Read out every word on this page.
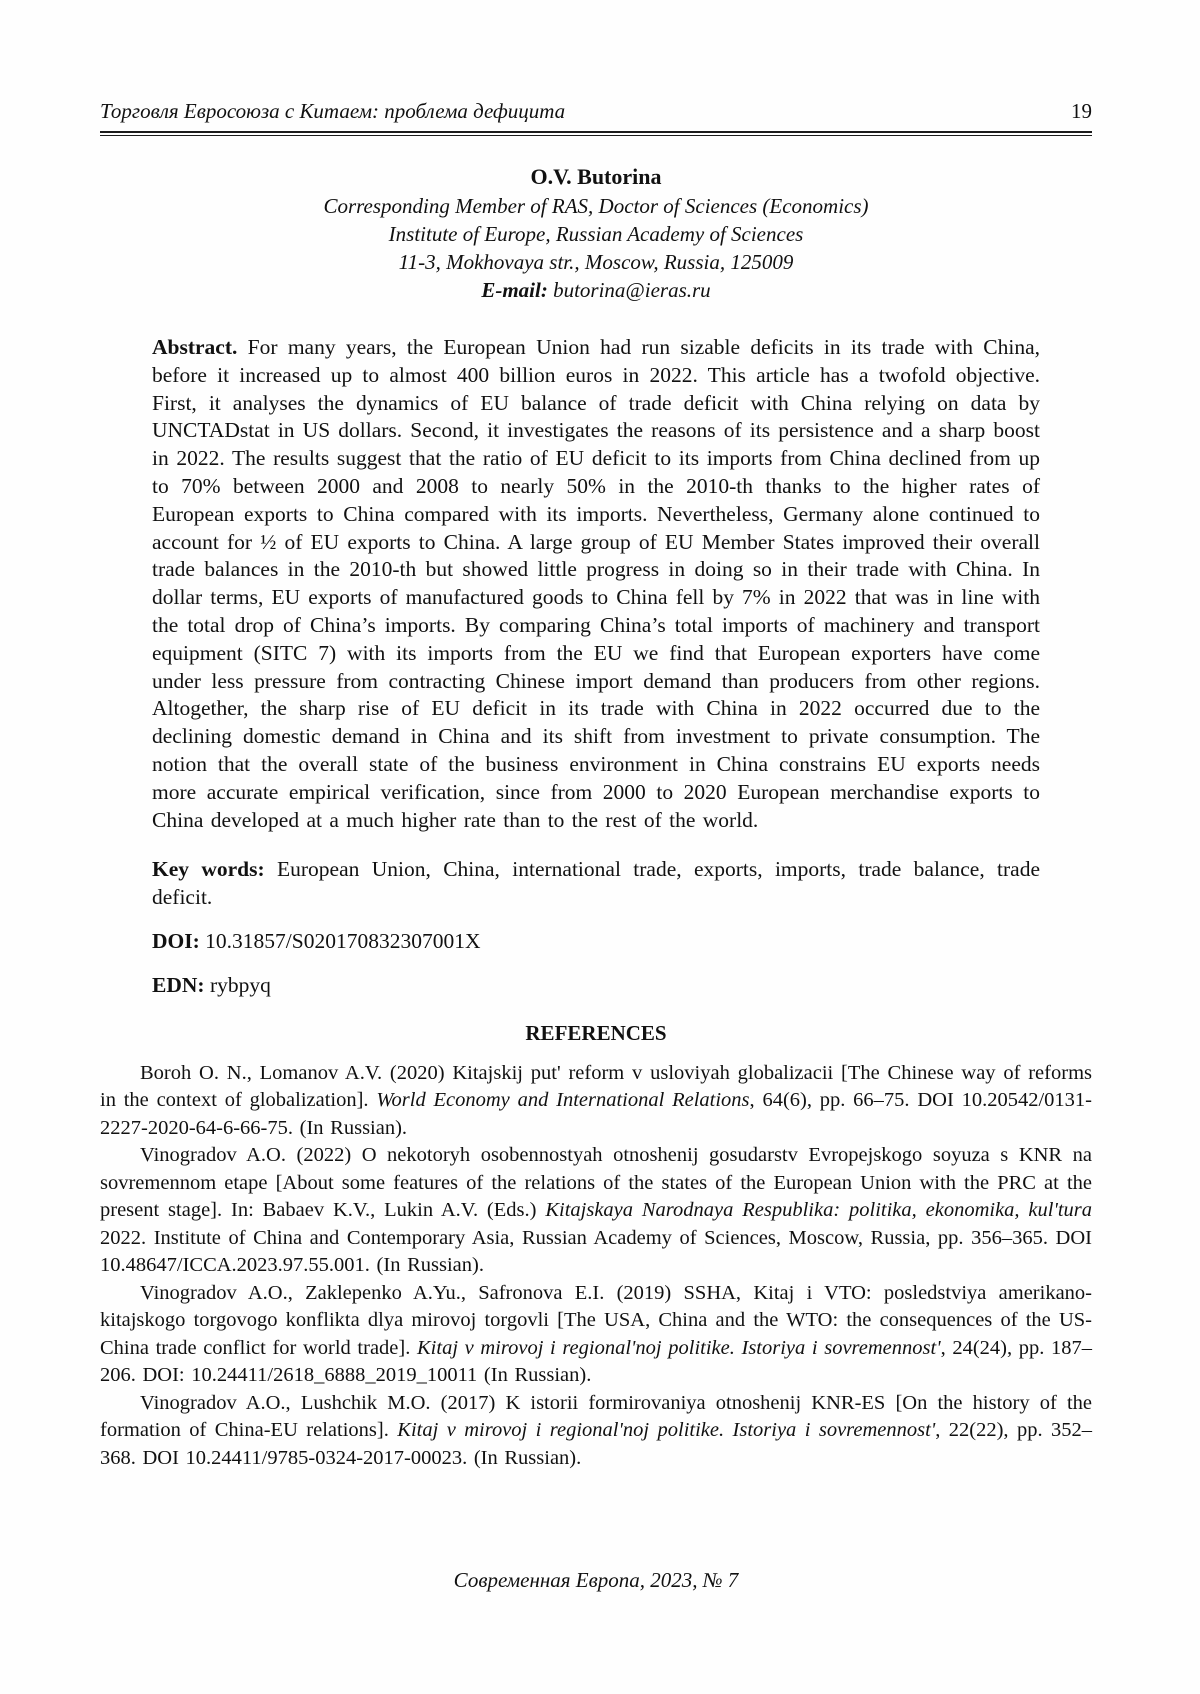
Торговля Евросоюза с Китаем: проблема дефицита	19
O.V. Butorina
Corresponding Member of RAS, Doctor of Sciences (Economics)
Institute of Europe, Russian Academy of Sciences
11-3, Mokhovaya str., Moscow, Russia, 125009
E-mail: butorina@ieras.ru

Abstract. For many years, the European Union had run sizable deficits in its trade with China, before it increased up to almost 400 billion euros in 2022. This article has a twofold objective. First, it analyses the dynamics of EU balance of trade deficit with China relying on data by UNCTADstat in US dollars. Second, it investigates the reasons of its persistence and a sharp boost in 2022. The results suggest that the ratio of EU deficit to its imports from China declined from up to 70% between 2000 and 2008 to nearly 50% in the 2010-th thanks to the higher rates of European exports to China compared with its imports. Nevertheless, Germany alone continued to account for ½ of EU exports to China. A large group of EU Member States improved their overall trade balances in the 2010-th but showed little progress in doing so in their trade with China. In dollar terms, EU exports of manufactured goods to China fell by 7% in 2022 that was in line with the total drop of China’s imports. By comparing China’s total imports of machinery and transport equipment (SITC 7) with its imports from the EU we find that European exporters have come under less pressure from contracting Chinese import demand than producers from other regions. Altogether, the sharp rise of EU deficit in its trade with China in 2022 occurred due to the declining domestic demand in China and its shift from investment to private consumption. The notion that the overall state of the business environment in China constrains EU exports needs more accurate empirical verification, since from 2000 to 2020 European merchandise exports to China developed at a much higher rate than to the rest of the world.

Key words: European Union, China, international trade, exports, imports, trade balance, trade deficit.

DOI: 10.31857/S020170832307001X

EDN: rybpyq

REFERENCES

Boroh O. N., Lomanov A.V. (2020) Kitajskij put' reform v usloviyah globalizacii [The Chinese way of reforms in the context of globalization]. World Economy and International Relations, 64(6), pp. 66–75. DOI 10.20542/0131-2227-2020-64-6-66-75. (In Russian).

Vinogradov A.O. (2022) O nekotoryh osobennostyah otnoshenij gosudarstv Evropejskogo soyuza s KNR na sovremennom etape [About some features of the relations of the states of the European Union with the PRC at the present stage]. In: Babaev K.V., Lukin A.V. (Eds.) Kitajskaya Narodnaya Respublika: politika, ekonomika, kul'tura 2022. Institute of China and Contemporary Asia, Russian Academy of Sciences, Moscow, Russia, pp. 356–365. DOI 10.48647/ICCA.2023.97.55.001. (In Russian).

Vinogradov A.O., Zaklepenko A.Yu., Safronova E.I. (2019) SSHA, Kitaj i VTO: posledstviya amerikano-kitajskogo torgovogo konflikta dlya mirovoj torgovli [The USA, China and the WTO: the consequences of the US-China trade conflict for world trade]. Kitaj v mirovoj i regional'noj politike. Istoriya i sovremennost', 24(24), pp. 187–206. DOI: 10.24411/2618_6888_2019_10011 (In Russian).

Vinogradov A.O., Lushchik M.O. (2017) K istorii formirovaniya otnoshenij KNR-ES [On the history of the formation of China-EU relations]. Kitaj v mirovoj i regional'noj politike. Istoriya i sovremennost', 22(22), pp. 352–368. DOI 10.24411/9785-0324-2017-00023. (In Russian).

Современная Европа, 2023, № 7
